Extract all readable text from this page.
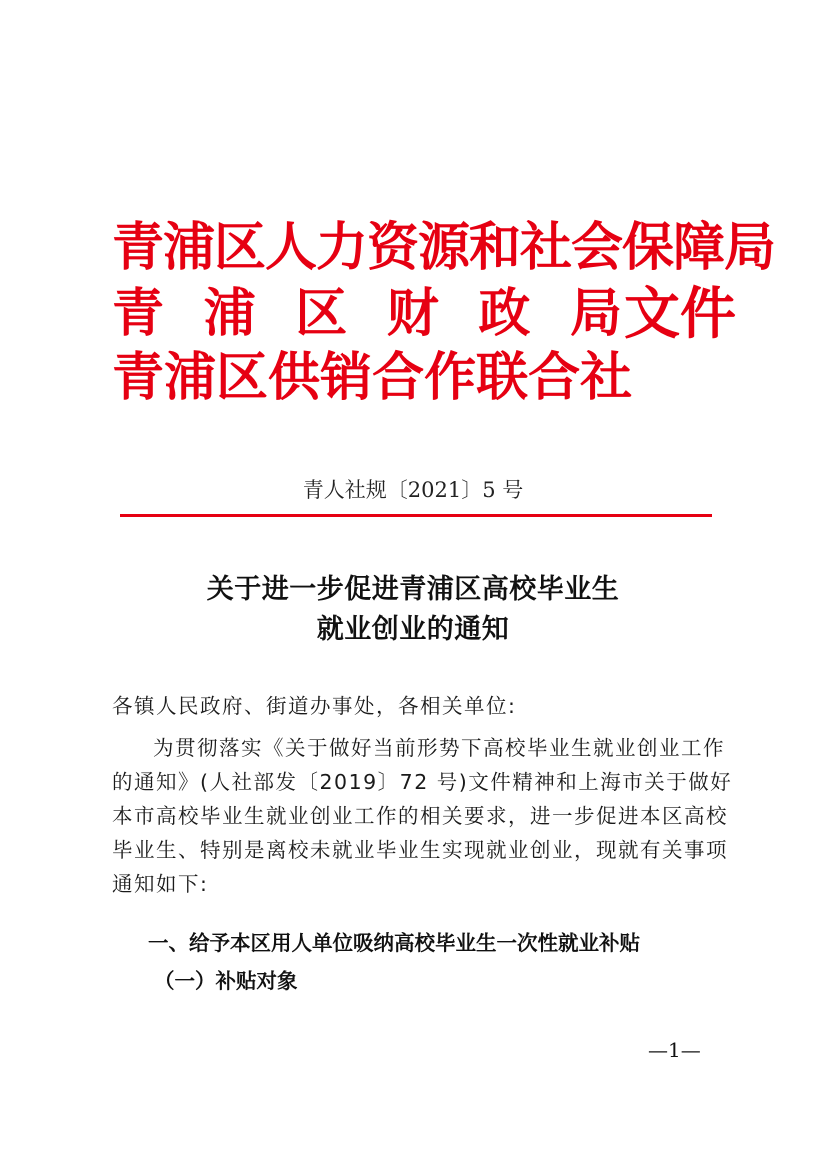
青浦区人力资源和社会保障局
青 浦 区 财 政 局
青 浦 区 供 销 合 作 联 合 社
文件
青人社规〔2021〕5 号
关于进一步促进青浦区高校毕业生
就业创业的通知
各镇人民政府、街道办事处，各相关单位:
为贯彻落实《关于做好当前形势下高校毕业生就业创业工作
的通知》(人社部发〔2019〕72 号)文件精神和上海市关于做好
本市高校毕业生就业创业工作的相关要求，进一步促进本区高校
毕业生、特别是离校未就业毕业生实现就业创业，现就有关事项
通知如下:
一、给予本区用人单位吸纳高校毕业生一次性就业补贴
（一）补贴对象
—1—
